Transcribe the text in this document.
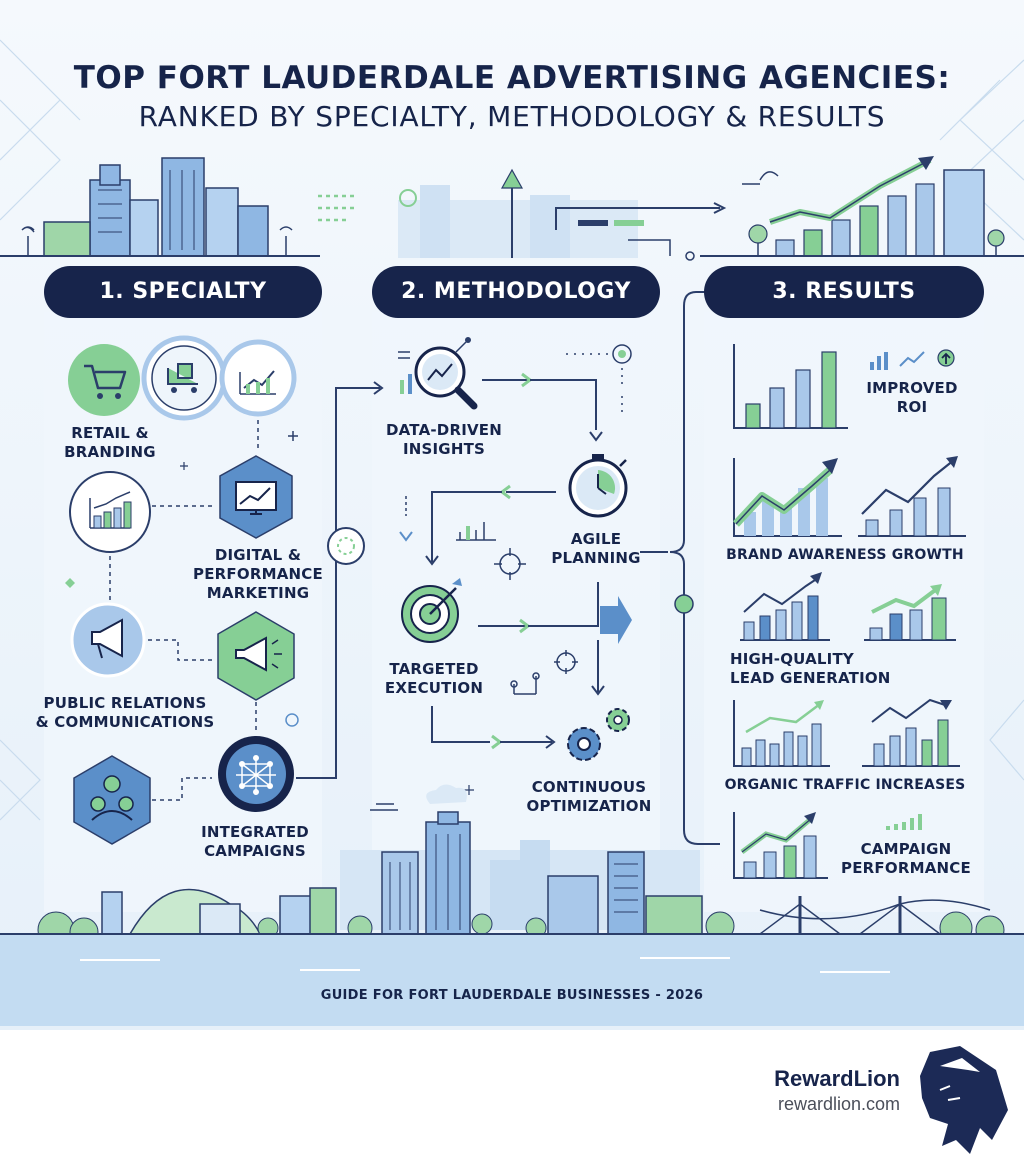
TOP FORT LAUDERDALE ADVERTISING AGENCIES:
RANKED BY SPECIALTY, METHODOLOGY & RESULTS
1. SPECIALTY	2. METHODOLOGY	3. RESULTS
RETAIL &
BRANDING
DIGITAL &
PERFORMANCE
MARKETING
PUBLIC RELATIONS
& COMMUNICATIONS
INTEGRATED
CAMPAIGNS
DATA-DRIVEN
INSIGHTS
AGILE
PLANNING
TARGETED
EXECUTION
CONTINUOUS
OPTIMIZATION
IMPROVED
ROI
BRAND AWARENESS GROWTH
HIGH-QUALITY
LEAD GENERATION
ORGANIC TRAFFIC INCREASES
CAMPAIGN
PERFORMANCE
GUIDE FOR FORT LAUDERDALE BUSINESSES - 2026
RewardLion
rewardlion.com
